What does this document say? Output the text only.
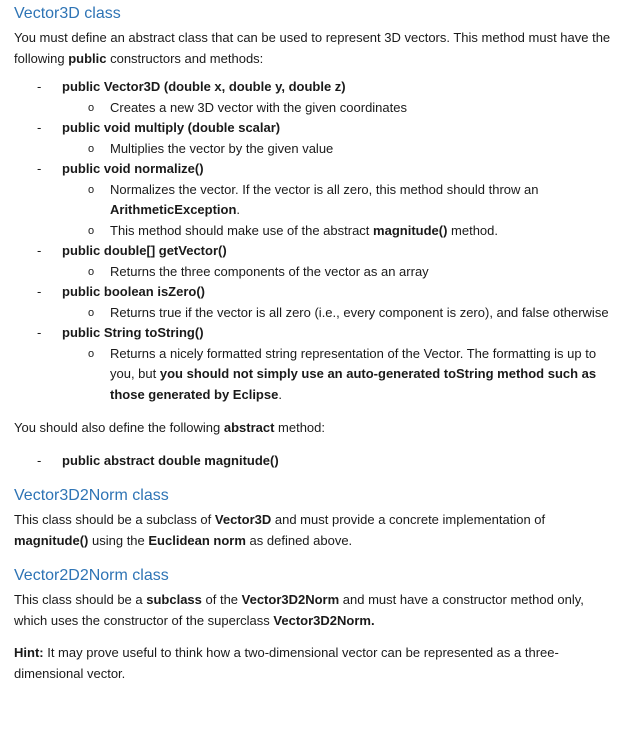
Vector3D class

You must define an abstract class that can be used to represent 3D vectors. This method must have the following public constructors and methods:

- public Vector3D (double x, double y, double z)
o Creates a new 3D vector with the given coordinates
- public void multiply (double scalar)
o Multiplies the vector by the given value
- public void normalize()
o Normalizes the vector. If the vector is all zero, this method should throw an ArithmeticException.
o This method should make use of the abstract magnitude() method.
- public double[] getVector()
o Returns the three components of the vector as an array
- public boolean isZero()
o Returns true if the vector is all zero (i.e., every component is zero), and false otherwise
- public String toString()
o Returns a nicely formatted string representation of the Vector. The formatting is up to you, but you should not simply use an auto-generated toString method such as those generated by Eclipse.

You should also define the following abstract method:

- public abstract double magnitude()
Vector3D2Norm class

This class should be a subclass of Vector3D and must provide a concrete implementation of magnitude() using the Euclidean norm as defined above.

Vector2D2Norm class

This class should be a subclass of the Vector3D2Norm and must have a constructor method only, which uses the constructor of the superclass Vector3D2Norm.

Hint: It may prove useful to think how a two-dimensional vector can be represented as a three-dimensional vector.
